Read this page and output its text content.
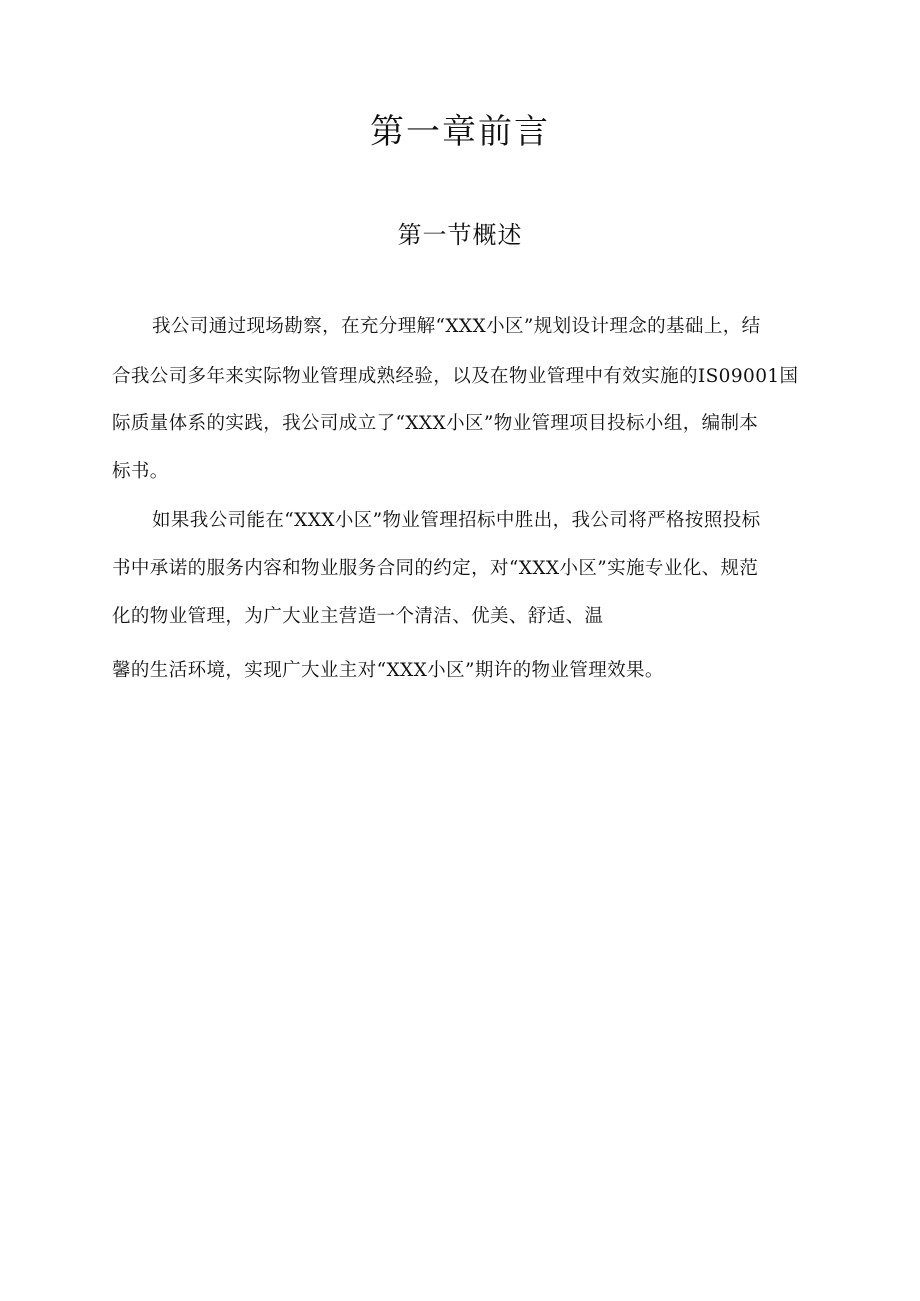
第一章前言
第一节概述
我公司通过现场勘察，在充分理解“XXX小区”规划设计理念的基础上，结
合我公司多年来实际物业管理成熟经验，以及在物业管理中有效实施的IS09001国
际质量体系的实践，我公司成立了“XXX小区”物业管理项目投标小组，编制本
标书。
如果我公司能在“XXX小区”物业管理招标中胜出，我公司将严格按照投标
书中承诺的服务内容和物业服务合同的约定，对“XXX小区”实施专业化、规范
化的物业管理，为广大业主营造一个清洁、优美、舒适、温
馨的生活环境，实现广大业主对“XXX小区”期许的物业管理效果。
